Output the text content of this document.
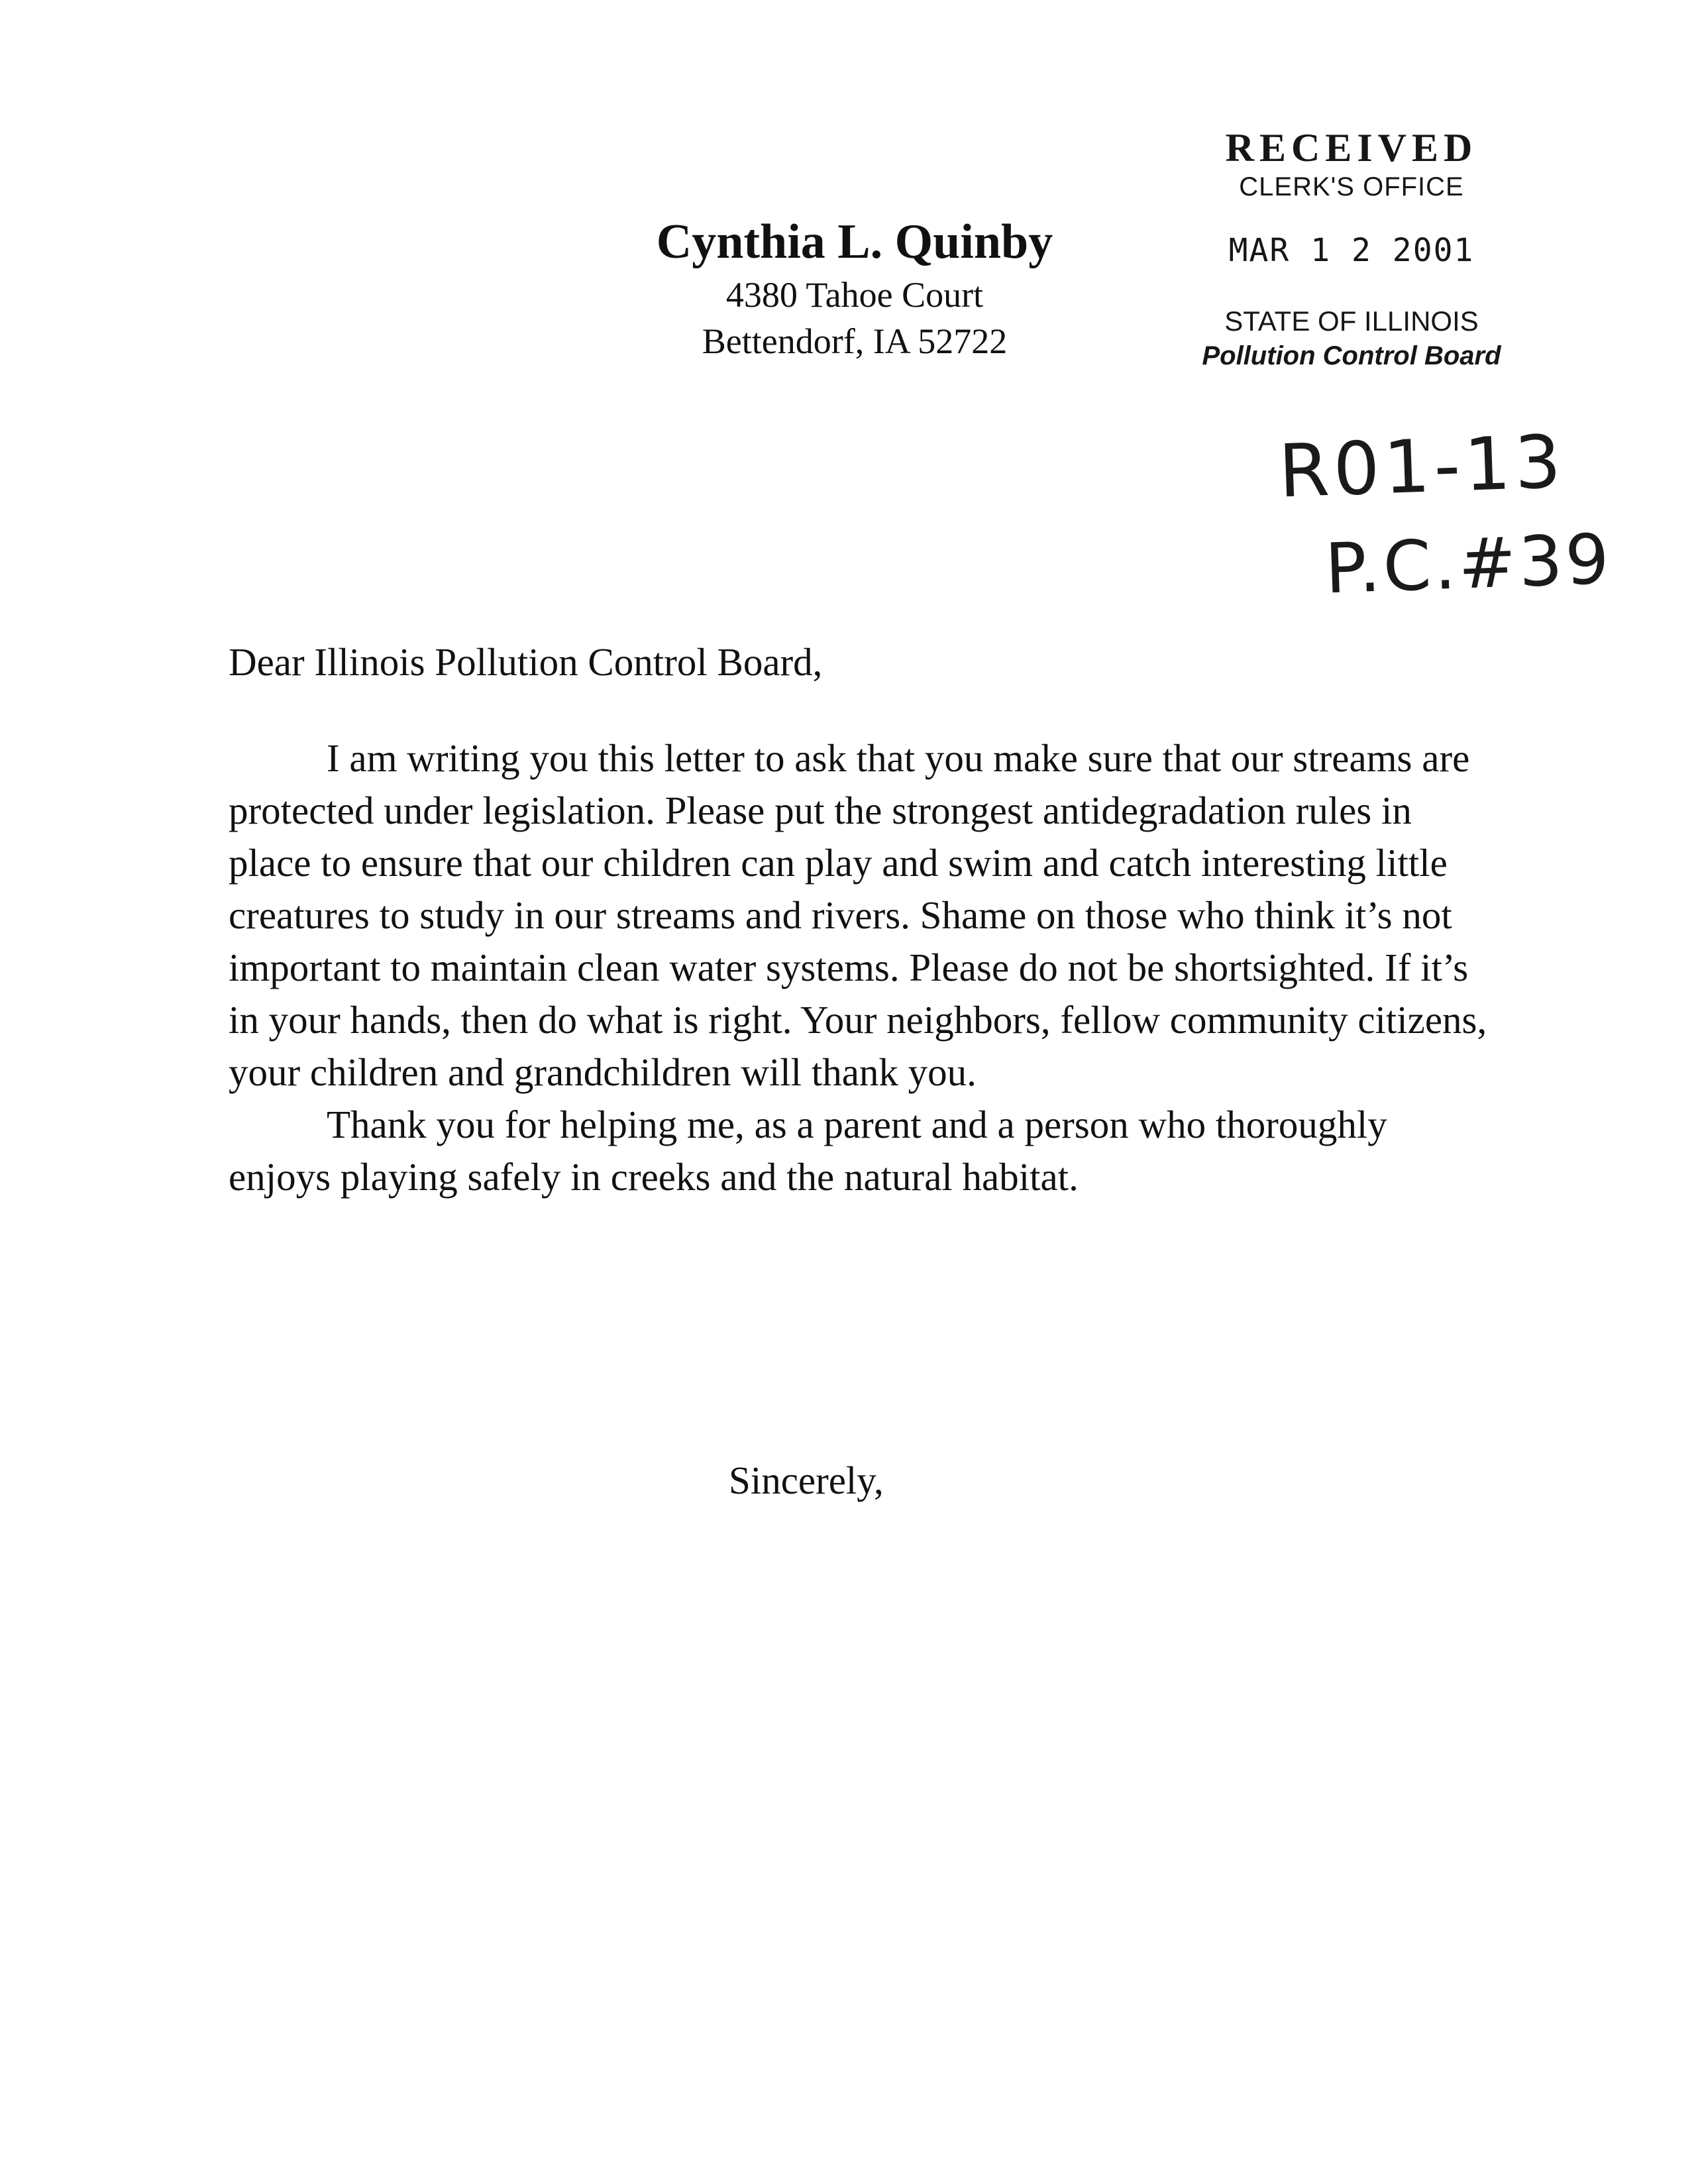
Cynthia L. Quinby

4380 Tahoe Court

Bettendorf, IA 52722

RECEIVED
CLERK'S OFFICE
MAR 1 2 2001
STATE OF ILLINOIS
Pollution Control Board
R01-13
P.C.#39

Dear Illinois Pollution Control Board,

I am writing you this letter to ask that you make sure that our streams are protected under legislation. Please put the strongest antidegradation rules in place to ensure that our children can play and swim and catch interesting little creatures to study in our streams and rivers. Shame on those who think it’s not important to maintain clean water systems. Please do not be shortsighted. If it’s in your hands, then do what is right. Your neighbors, fellow community citizens, your children and grandchildren will thank you.

Thank you for helping me, as a parent and a person who thoroughly enjoys playing safely in creeks and the natural habitat.

Sincerely,
